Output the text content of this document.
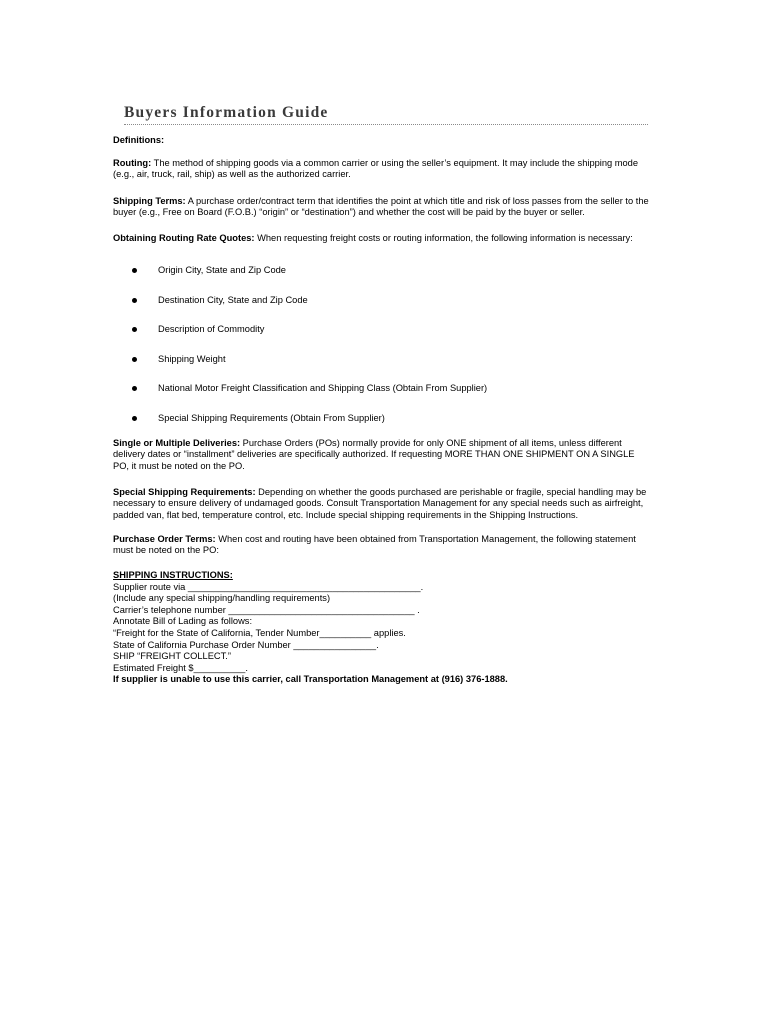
Buyers Information Guide
Definitions:
Routing: The method of shipping goods via a common carrier or using the seller’s equipment. It may include the shipping mode (e.g., air, truck, rail, ship) as well as the authorized carrier.
Shipping Terms: A purchase order/contract term that identifies the point at which title and risk of loss passes from the seller to the buyer (e.g., Free on Board (F.O.B.) “origin” or “destination”) and whether the cost will be paid by the buyer or seller.
Obtaining Routing Rate Quotes: When requesting freight costs or routing information, the following information is necessary:
Origin City, State and Zip Code
Destination City, State and Zip Code
Description of Commodity
Shipping Weight
National Motor Freight Classification and Shipping Class (Obtain From Supplier)
Special Shipping Requirements (Obtain From Supplier)
Single or Multiple Deliveries: Purchase Orders (POs) normally provide for only ONE shipment of all items, unless different delivery dates or “installment” deliveries are specifically authorized. If requesting MORE THAN ONE SHIPMENT ON A SINGLE PO, it must be noted on the PO.
Special Shipping Requirements: Depending on whether the goods purchased are perishable or fragile, special handling may be necessary to ensure delivery of undamaged goods. Consult Transportation Management for any special needs such as airfreight, padded van, flat bed, temperature control, etc. Include special shipping requirements in the Shipping Instructions.
Purchase Order Terms: When cost and routing have been obtained from Transportation Management, the following statement must be noted on the PO:
SHIPPING INSTRUCTIONS:
Supplier route via _____________________________________________.
(Include any special shipping/handling requirements)
Carrier’s telephone number ____________________________________ .
Annotate Bill of Lading as follows:
“Freight for the State of California, Tender Number__________ applies.
State of California Purchase Order Number ________________.
SHIP “FREIGHT COLLECT.”
Estimated Freight $__________.
If supplier is unable to use this carrier, call Transportation Management at (916) 376-1888.
